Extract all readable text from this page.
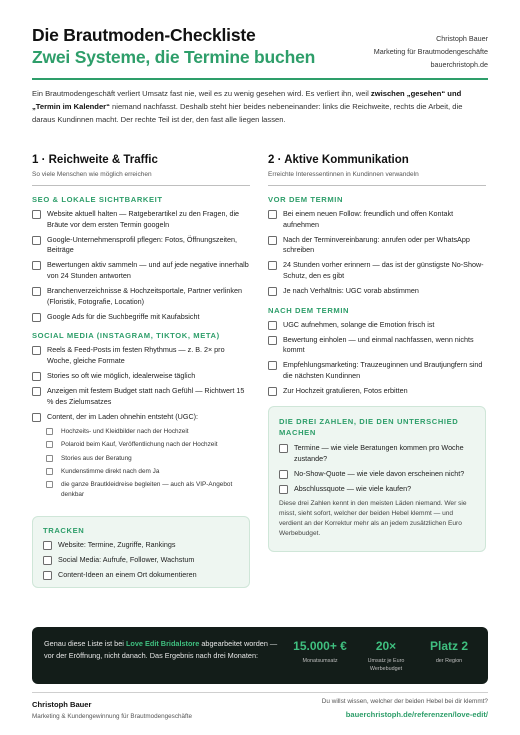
Die Brautmoden-Checkliste
Zwei Systeme, die Termine buchen
Christoph Bauer
Marketing für Brautmodengeschäfte
bauerchristoph.de

Ein Brautmodengeschäft verliert Umsatz fast nie, weil es zu wenig gesehen wird. Es verliert ihn, weil zwischen „gesehen“ und „Termin im Kalender“ niemand nachfasst. Deshalb steht hier beides nebeneinander: links die Reichweite, rechts die Arbeit, die daraus Kundinnen macht. Der rechte Teil ist der, den fast alle liegen lassen.

1 · Reichweite & Traffic
So viele Menschen wie möglich erreichen
SEO & LOKALE SICHTBARKEIT
Website aktuell halten — Ratgeberartikel zu den Fragen, die Bräute vor dem ersten Termin googeln
Google-Unternehmensprofil pflegen: Fotos, Öffnungszeiten, Beiträge
Bewertungen aktiv sammeln — und auf jede negative innerhalb von 24 Stunden antworten
Branchenverzeichnisse & Hochzeitsportale, Partner verlinken (Floristik, Fotografie, Location)
Google Ads für die Suchbegriffe mit Kaufabsicht
SOCIAL MEDIA (INSTAGRAM, TIKTOK, META)
Reels & Feed-Posts im festen Rhythmus — z. B. 2× pro Woche, gleiche Formate
Stories so oft wie möglich, idealerweise täglich
Anzeigen mit festem Budget statt nach Gefühl — Richtwert 15 % des Zielumsatzes
Content, der im Laden ohnehin entsteht (UGC):
Hochzeits- und Kleidbilder nach der Hochzeit
Polaroid beim Kauf, Veröffentlichung nach der Hochzeit
Stories aus der Beratung
Kundenstimme direkt nach dem Ja
die ganze Brautkleidreise begleiten — auch als VIP-Angebot denkbar
TRACKEN
Website: Termine, Zugriffe, Rankings
Social Media: Aufrufe, Follower, Wachstum
Content-Ideen an einem Ort dokumentieren
2 · Aktive Kommunikation
Erreichte Interessentinnen in Kundinnen verwandeln
VOR DEM TERMIN
Bei einem neuen Follow: freundlich und offen Kontakt aufnehmen
Nach der Terminvereinbarung: anrufen oder per WhatsApp schreiben
24 Stunden vorher erinnern — das ist der günstigste No-Show-Schutz, den es gibt
Je nach Verhältnis: UGC vorab abstimmen
NACH DEM TERMIN
UGC aufnehmen, solange die Emotion frisch ist
Bewertung einholen — und einmal nachfassen, wenn nichts kommt
Empfehlungsmarketing: Trauzeuginnen und Brautjungfern sind die nächsten Kundinnen
Zur Hochzeit gratulieren, Fotos erbitten
DIE DREI ZAHLEN, DIE DEN UNTERSCHIED MACHEN
Termine — wie viele Beratungen kommen pro Woche zustande?
No-Show-Quote — wie viele davon erscheinen nicht?
Abschlussquote — wie viele kaufen?
Diese drei Zahlen kennt in den meisten Läden niemand. Wer sie misst, sieht sofort, welcher der beiden Hebel klemmt — und verdient an der Korrektur mehr als an jedem zusätzlichen Euro Werbebudget.
Genau diese Liste ist bei Love Edit Bridalstore abgearbeitet worden — vor der Eröffnung, nicht danach. Das Ergebnis nach drei Monaten:
15.000+ €
Monatsumsatz
20×
Umsatz je Euro Werbebudget
Platz 2
der Region
Christoph Bauer
Marketing & Kundengewinnung für Brautmodengeschäfte
Du willst wissen, welcher der beiden Hebel bei dir klemmt?
bauerchristoph.de/referenzen/love-edit/
